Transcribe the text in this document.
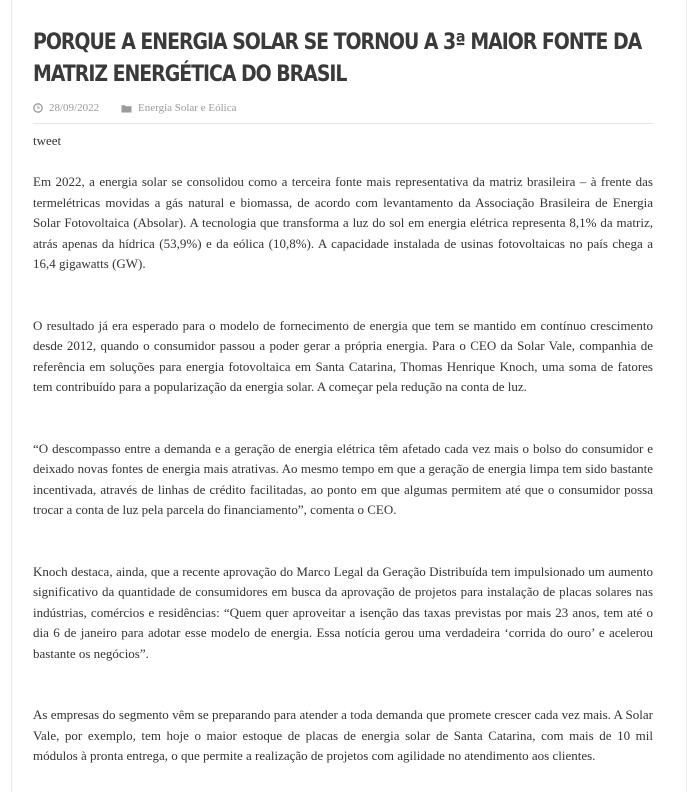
PORQUE A ENERGIA SOLAR SE TORNOU A 3ª MAIOR FONTE DA MATRIZ ENERGÉTICA DO BRASIL
28/09/2022	Energia Solar e Eólica

tweet

Em 2022, a energia solar se consolidou como a terceira fonte mais representativa da matriz brasileira – à frente das termelétricas movidas a gás natural e biomassa, de acordo com levantamento da Associação Brasileira de Energia Solar Fotovoltaica (Absolar). A tecnologia que transforma a luz do sol em energia elétrica representa 8,1% da matriz, atrás apenas da hídrica (53,9%) e da eólica (10,8%). A capacidade instalada de usinas fotovoltaicas no país chega a 16,4 gigawatts (GW).

O resultado já era esperado para o modelo de fornecimento de energia que tem se mantido em contínuo crescimento desde 2012, quando o consumidor passou a poder gerar a própria energia. Para o CEO da Solar Vale, companhia de referência em soluções para energia fotovoltaica em Santa Catarina, Thomas Henrique Knoch, uma soma de fatores tem contribuído para a popularização da energia solar. A começar pela redução na conta de luz.

“O descompasso entre a demanda e a geração de energia elétrica têm afetado cada vez mais o bolso do consumidor e deixado novas fontes de energia mais atrativas. Ao mesmo tempo em que a geração de energia limpa tem sido bastante incentivada, através de linhas de crédito facilitadas, ao ponto em que algumas permitem até que o consumidor possa trocar a conta de luz pela parcela do financiamento”, comenta o CEO.

Knoch destaca, ainda, que a recente aprovação do Marco Legal da Geração Distribuída tem impulsionado um aumento significativo da quantidade de consumidores em busca da aprovação de projetos para instalação de placas solares nas indústrias, comércios e residências: “Quem quer aproveitar a isenção das taxas previstas por mais 23 anos, tem até o dia 6 de janeiro para adotar esse modelo de energia. Essa notícia gerou uma verdadeira ‘corrida do ouro’ e acelerou bastante os negócios”.

As empresas do segmento vêm se preparando para atender a toda demanda que promete crescer cada vez mais. A Solar Vale, por exemplo, tem hoje o maior estoque de placas de energia solar de Santa Catarina, com mais de 10 mil módulos à pronta entrega, o que permite a realização de projetos com agilidade no atendimento aos clientes.
